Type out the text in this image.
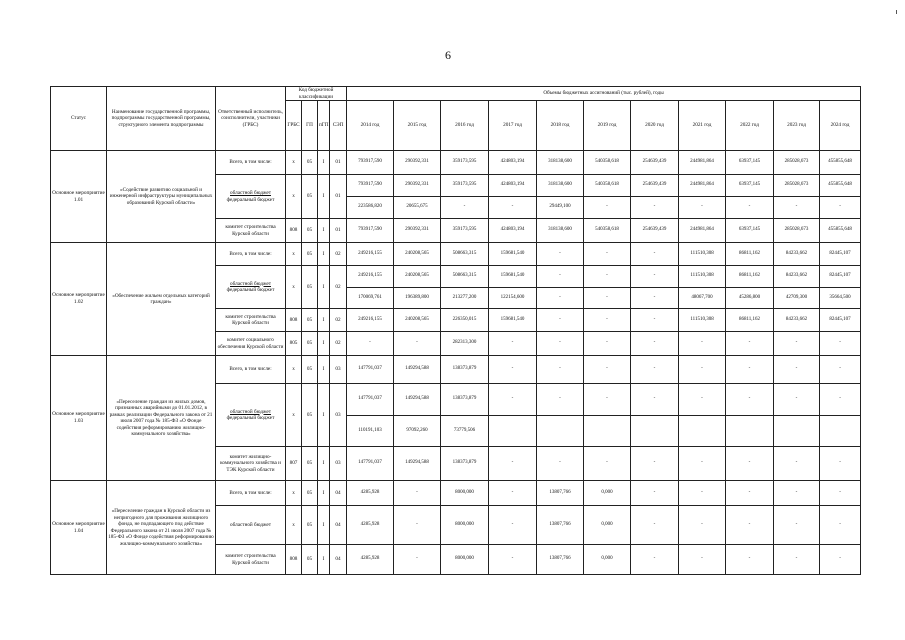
6
Статус	Наименование государственной программы, подпрограммы государственной программы, структурного элемента подпрограммы	Ответственный исполнитель, соисполнители, участники (ГРБС)	Код бюджетной классификации				Объемы бюджетных ассигнований (тыс. рублей), годы										
			ГРБС	ГП	пГП	СЭП	2014 год	2015 год	2016 год	2017 год	2018 год	2019 год	2020 год	2021 год	2022 год	2023 год	2024 год
Основное мероприятие 1.01	«Содействие развитию социальной и инженерной инфраструктуры муниципальных образований Курской области»	Всего, в том числе:	х	05	I	01	793917,590	290392,331	359173,595	424803,194	318138,600	540358,618	254639,439	244981,864	63937,145	285028,673	455855,648

		областной бюджет
федеральный бюджет	х	05	I	01	793917,590	290392,331	359173,595	424803,194	318138,600	540358,618	254639,439	244981,864	63937,145	285028,673	455855,648
							223586,820	20655,675	-	-	29449,100	-	-	-	-	-	-
		комитет строительства Курской области	808	05	I	01	793917,590	290392,331	359173,595	424803,194	318138,600	540358,618	254639,439	244981,864	63937,145	285028,673	455855,648
Основное мероприятие 1.02	«Обеспечение жильем отдельных категорий граждан»	Всего, в том числе:	х	05	I	02	249216,155	240208,565	508663,315	159681,540	-	-	-	111510,308	86811,162	84233,662	82445,107

		областной бюджет
федеральный бюджет	х	05	I	02	249216,155	240208,565	508663,315	159681,540	-	-	-	111510,308	86811,162	84233,662	82445,107
							170069,761	196389,800	213277,200	122154,600	-	-	-	48067,700	45286,800	42709,300	35664,500
		комитет строительства Курской области	808	05	I	02	249216,155	240208,565	226350,015	159681,540	-	-	-	111510,308	86811,162	84233,662	82445,107
		комитет социального обеспечения Курской области	805	05	I	02	-	-	282313,300	-	-	-	-	-	-	-	-
Основное мероприятие 1.03	«Переселение граждан из жилых домов, признанных аварийными до 01.01.2012, в рамках реализации Федерального закона от 21 июля 2007 года № 185-ФЗ «О Фонде содействия реформированию жилищно-коммунального хозяйства»	Всего, в том числе:	х	05	I	03	147791,037	149294,588	138373,879	-	-	-	-	-	-	-	-

		областной бюджет
федеральный бюджет	х	05	I	03	147791,037	149294,588	138373,879	-	-	-	-	-	-	-	-
							110191,103	97092,260	73779,506								
		комитет жилищно-коммунального хозяйства и ТЭК Курской области	807	05	I	03	147791,037	149294,588	138373,879	-	-	-	-	-	-	-	-
Основное мероприятие 1.04	«Переселение граждан в Курской области из непригодного для проживания жилищного фонда, не подпадающего под действие Федерального закона от 21 июля 2007 года № 185-ФЗ «О Фонде содействия реформированию жилищно-коммунального хозяйства»	Всего, в том числе:	х	05	I	04	4285,928	-	8000,000	-	13807,766	0,000	-	-	-	-	-
		областной бюджет	х	05	I	04	4285,928	-	8000,000	-	13807,766	0,000	-	-	-	-	-
		комитет строительства Курской области	808	05	I	04	4285,928	-	8000,000	-	13807,766	0,000	-	-	-	-	-
